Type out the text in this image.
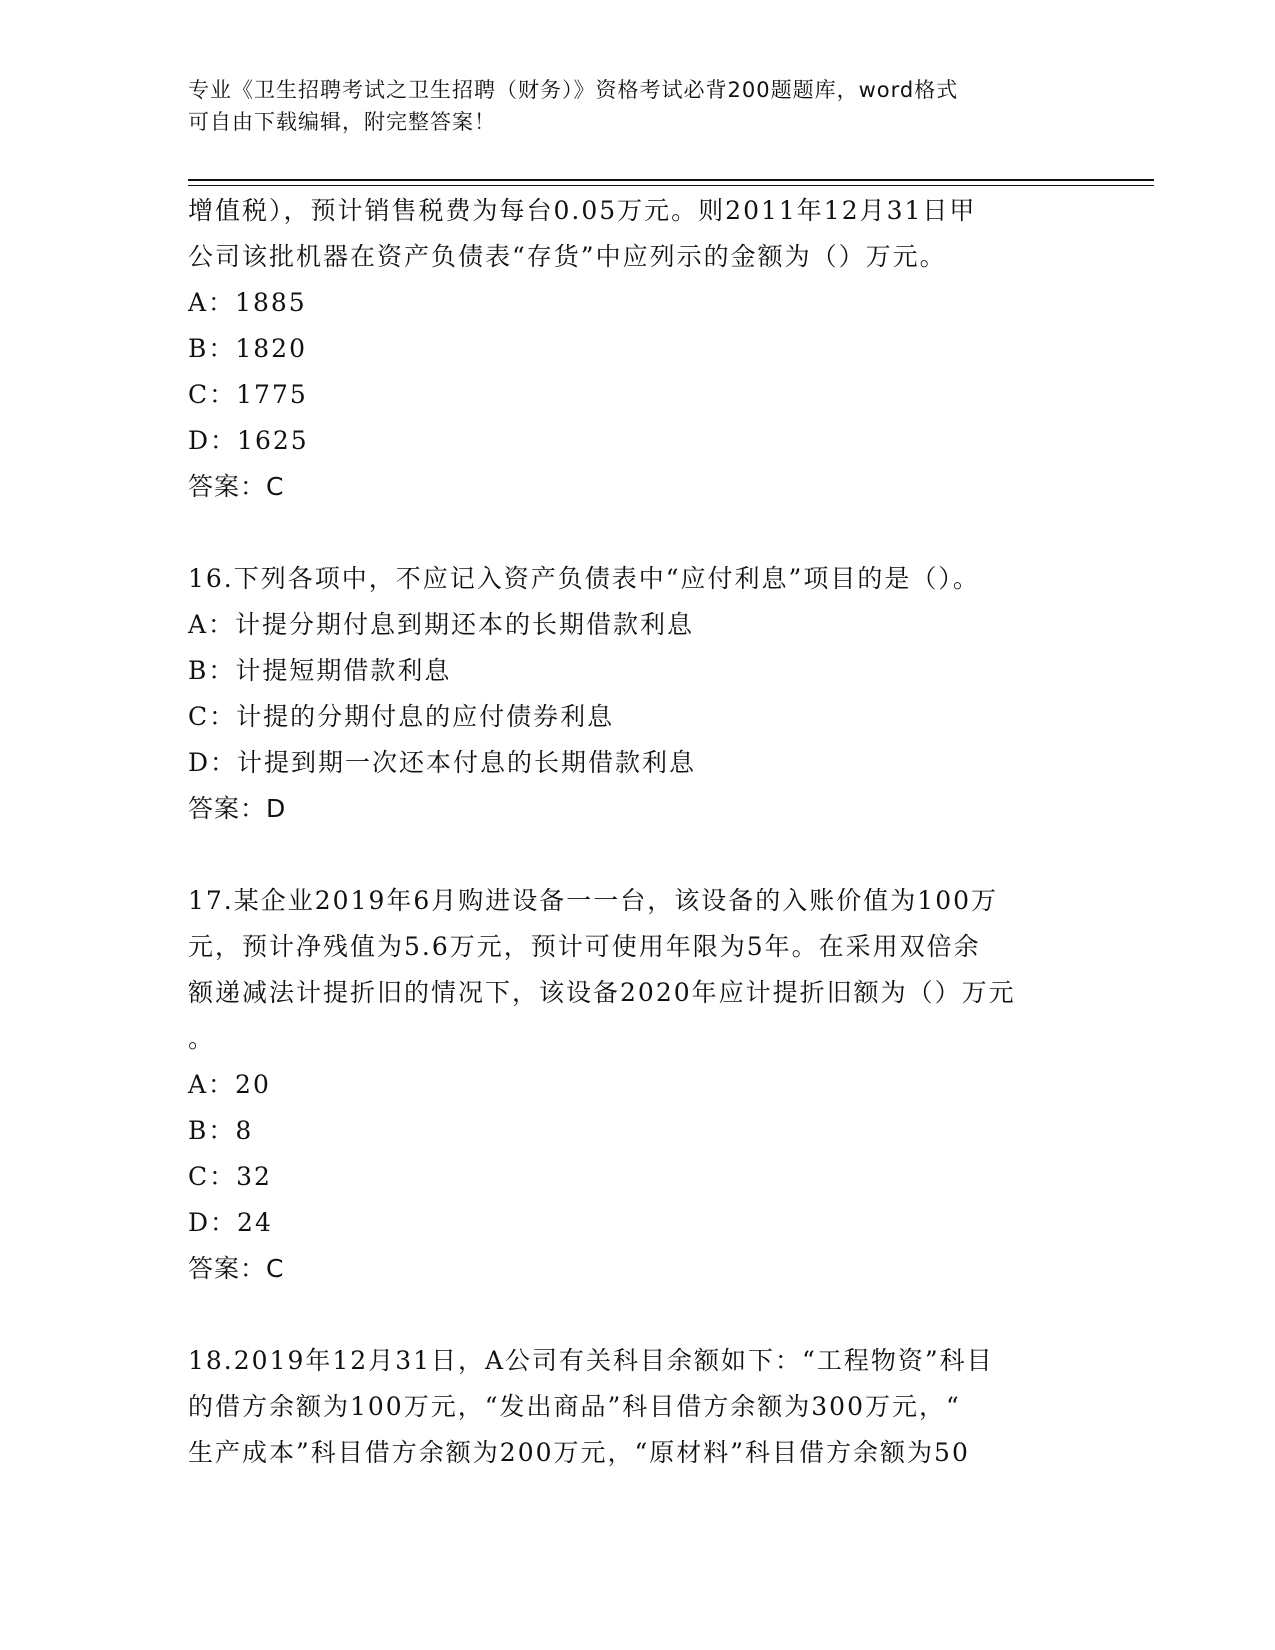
专业《卫生招聘考试之卫生招聘（财务）》资格考试必背200题题库，word格式
可自由下载编辑，附完整答案！
增值税），预计销售税费为每台0.05万元。则2011年12月31日甲
公司该批机器在资产负债表“存货”中应列示的金额为（）万元。
A：1885
B：1820
C：1775
D：1625
答案：C
16.下列各项中，不应记入资产负债表中“应付利息”项目的是（）。
A：计提分期付息到期还本的长期借款利息
B：计提短期借款利息
C：计提的分期付息的应付债券利息
D：计提到期一次还本付息的长期借款利息
答案：D
17.某企业2019年6月购进设备一一台，该设备的入账价值为100万
元，预计净残值为5.6万元，预计可使用年限为5年。在采用双倍余
额递减法计提折旧的情况下，该设备2020年应计提折旧额为（）万元
。
A：20
B：8
C：32
D：24
答案：C
18.2019年12月31日，A公司有关科目余额如下：“工程物资”科目
的借方余额为100万元，“发出商品”科目借方余额为300万元，“
生产成本”科目借方余额为200万元，“原材料”科目借方余额为50
